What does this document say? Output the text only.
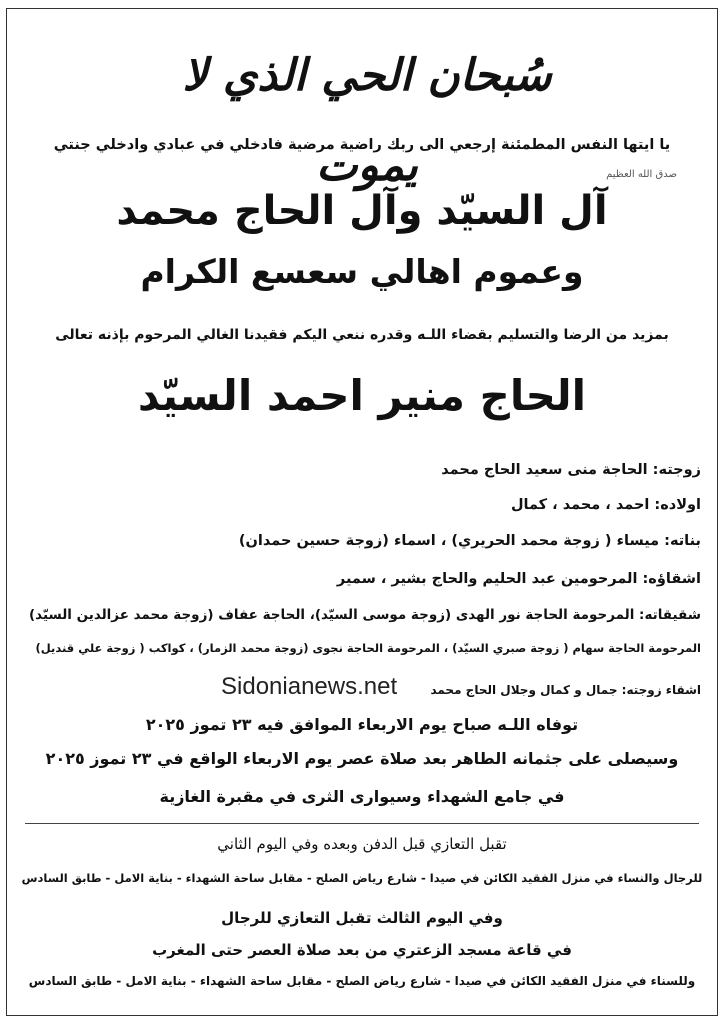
سُبحان الحي الذي لا يموت
يا ايتها النفس المطمئنة إرجعي الى ربك راضية مرضية فادخلي في عبادي وادخلي جنتي
صدق الله العظيم
آل السيّد وآل الحاج محمد
وعموم اهالي سعسع الكرام
بمزيد من الرضا والتسليم بقضاء اللـه وقدره ننعي اليكم فقيدنا الغالي المرحوم بإذنه تعالى
الحاج منير احمد السيّد
زوجته: الحاجة منى سعيد الحاج محمد
اولاده: احمد ، محمد ، كمال
بناته: ميساء ( زوجة محمد الحريري) ، اسماء (زوجة حسين حمدان)
اشقاؤه: المرحومين عبد الحليم والحاج بشير ، سمير
شقيقاته: المرحومة الحاجة نور الهدى (زوجة موسى السيّد)، الحاجة عفاف (زوجة محمد عزالدين السيّد)
المرحومة الحاجة سهام ( زوجة صبري السيّد) ، المرحومة الحاجة نجوى (زوجة محمد الزمار) ، كواكب ( زوجة علي قنديل)
اشقاء زوجته: جمال و كمال وجلال الحاج محمد
Sidonianews.net
توفاه اللـه صباح يوم الاربعاء الموافق فيه ٢٣ تموز ٢٠٢٥
وسيصلى على جثمانه الطاهر بعد صلاة عصر يوم الاربعاء الواقع في ٢٣ تموز ٢٠٢٥
في جامع الشهداء وسيوارى الثرى في مقبرة الغازية
تقبل التعازي قبل الدفن وبعده وفي اليوم الثاني
للرجال والنساء في منزل الفقيد الكائن في صيدا - شارع رياض الصلح - مقابل ساحة الشهداء - بناية الامل - طابق السادس
وفي اليوم الثالث تقبل التعازي للرجال
في قاعة مسجد الزعتري من بعد صلاة العصر حتى المغرب
وللسناء في منزل الفقيد الكائن في صيدا - شارع رياض الصلح - مقابل ساحة الشهداء - بناية الامل - طابق السادس
